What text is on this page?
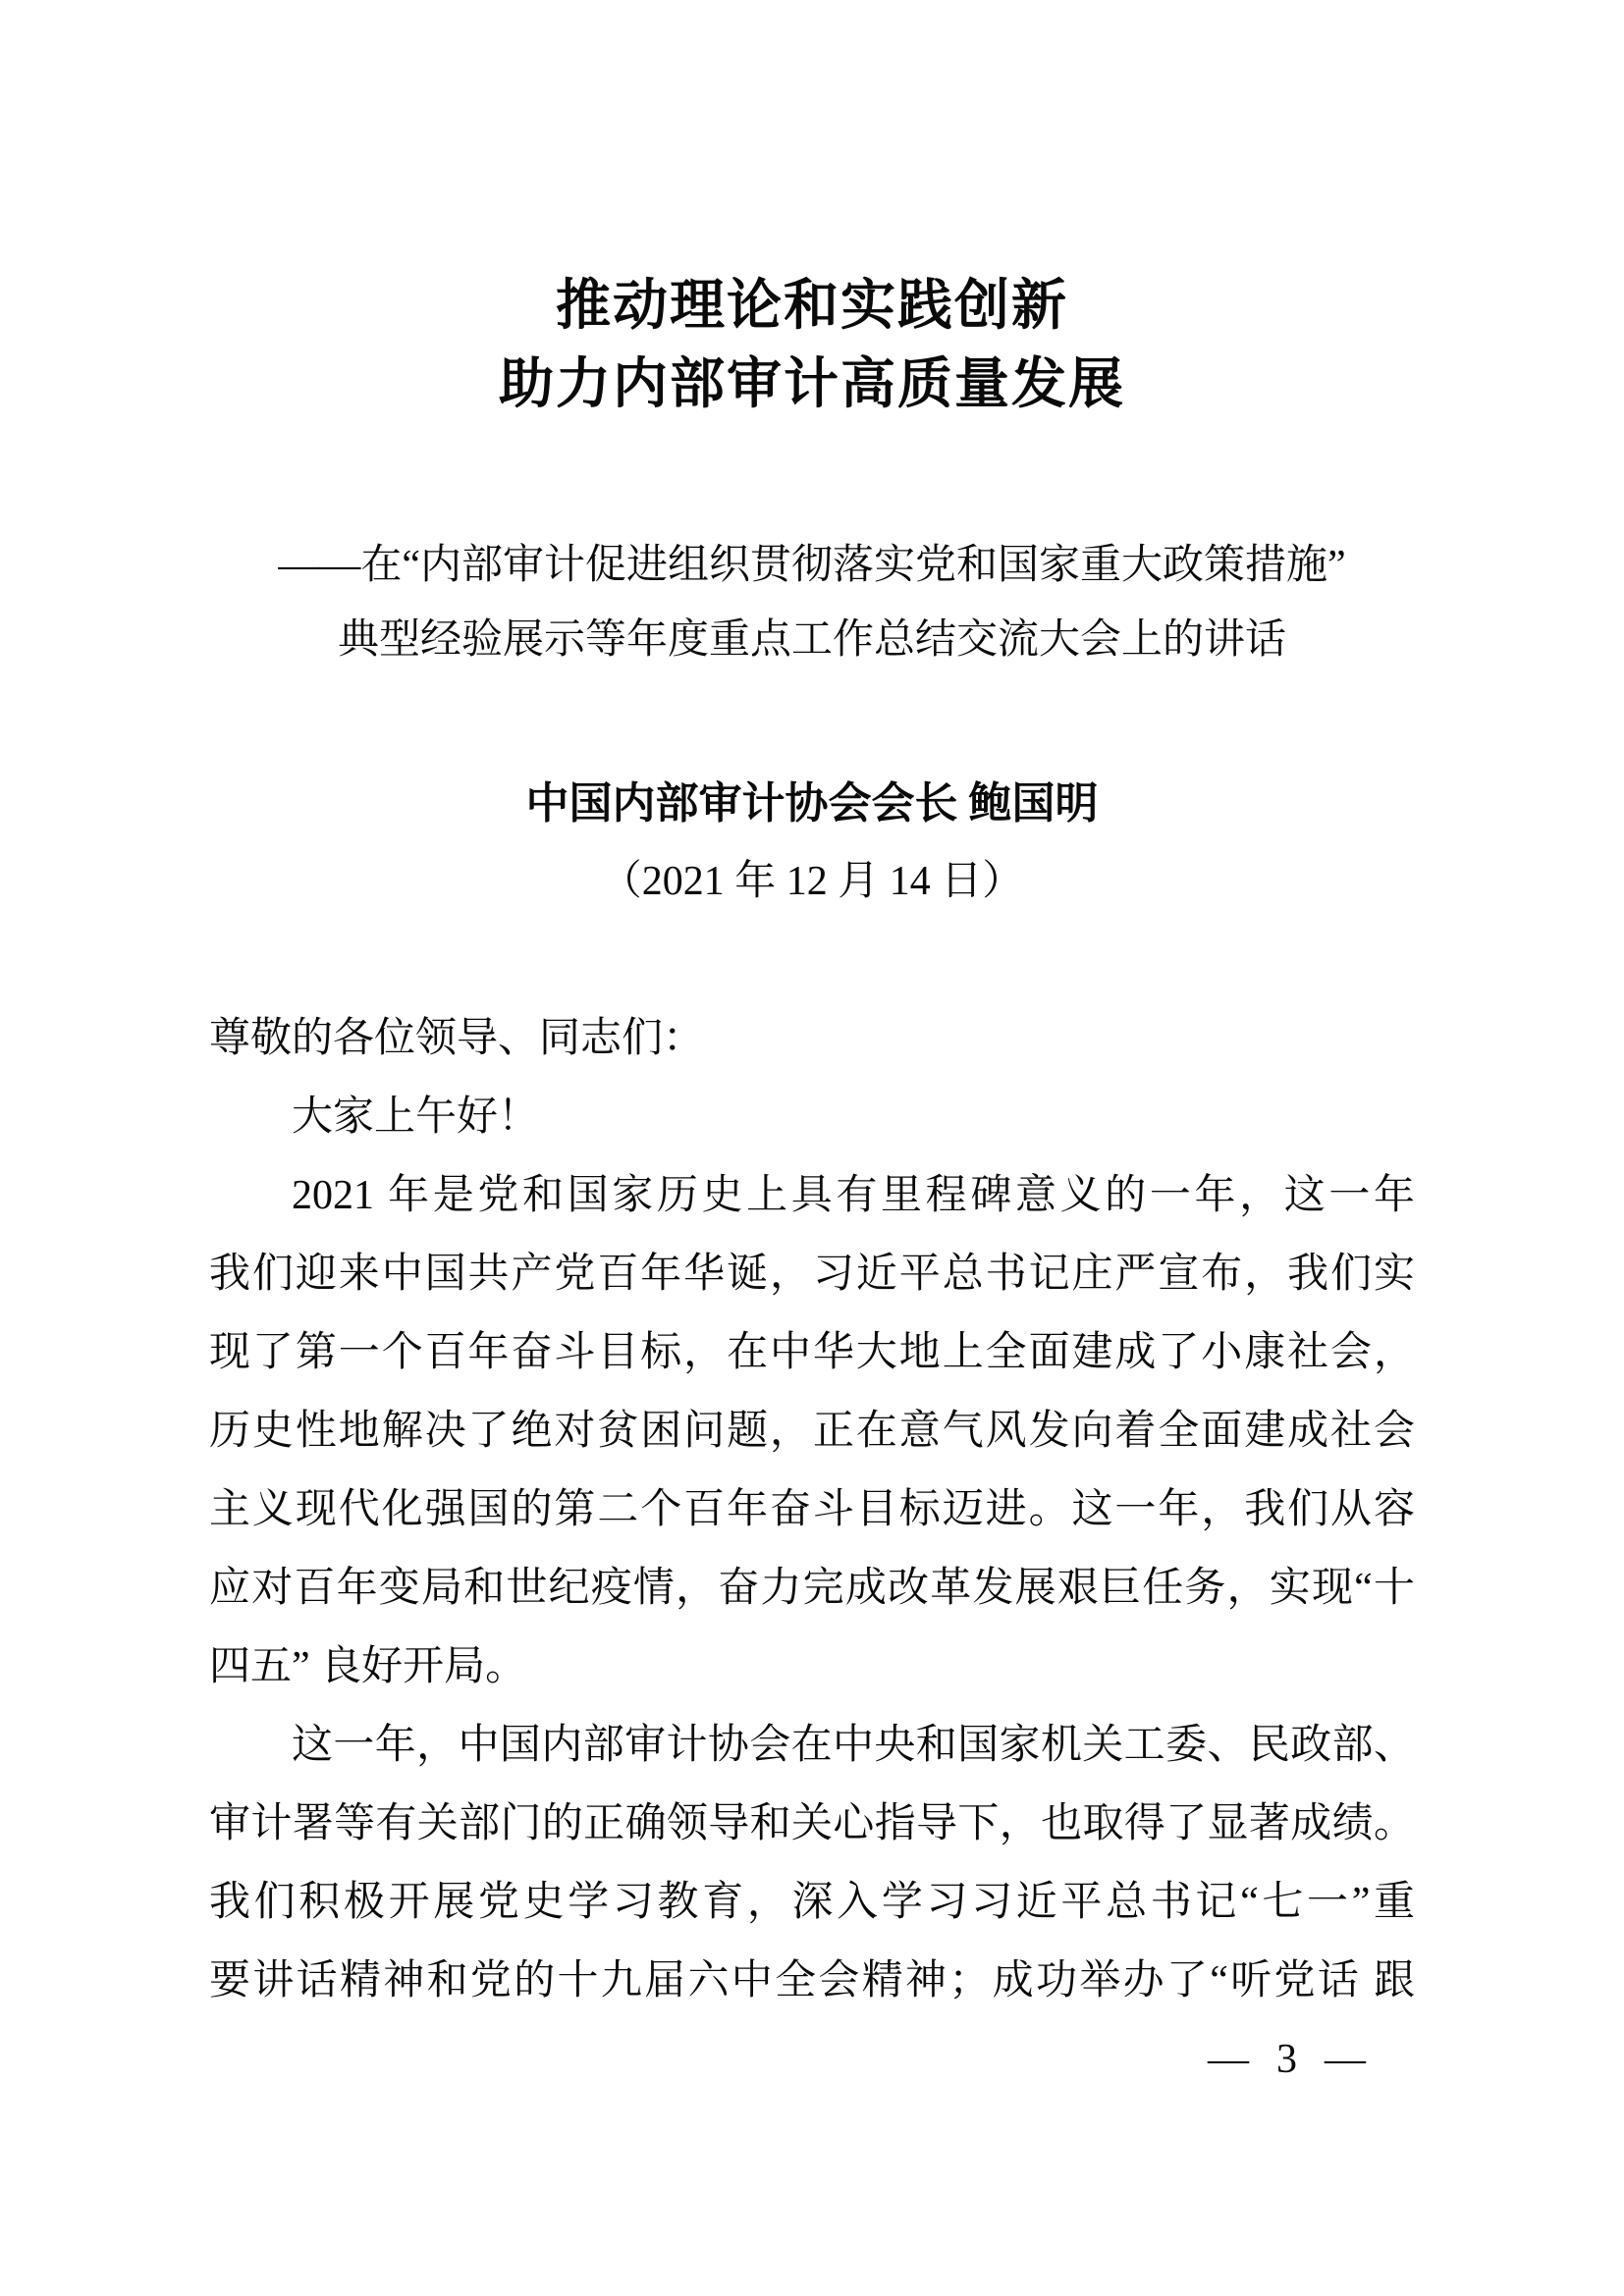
推动理论和实践创新
助力内部审计高质量发展
——在“内部审计促进组织贯彻落实党和国家重大政策措施”
典型经验展示等年度重点工作总结交流大会上的讲话
中国内部审计协会会长 鲍国明
（2021 年 12 月 14 日）
尊敬的各位领导、同志们：
大家上午好！
2021 年是党和国家历史上具有里程碑意义的一年，这一年
我们迎来中国共产党百年华诞，习近平总书记庄严宣布，我们实
现了第一个百年奋斗目标，在中华大地上全面建成了小康社会，
历史性地解决了绝对贫困问题，正在意气风发向着全面建成社会
主义现代化强国的第二个百年奋斗目标迈进。这一年，我们从容
应对百年变局和世纪疫情，奋力完成改革发展艰巨任务，实现“十
四五” 良好开局。
这一年，中国内部审计协会在中央和国家机关工委、民政部、
审计署等有关部门的正确领导和关心指导下，也取得了显著成绩。
我们积极开展党史学习教育，深入学习习近平总书记“七一”重
要讲话精神和党的十九届六中全会精神；成功举办了“听党话 跟
— 3 —
